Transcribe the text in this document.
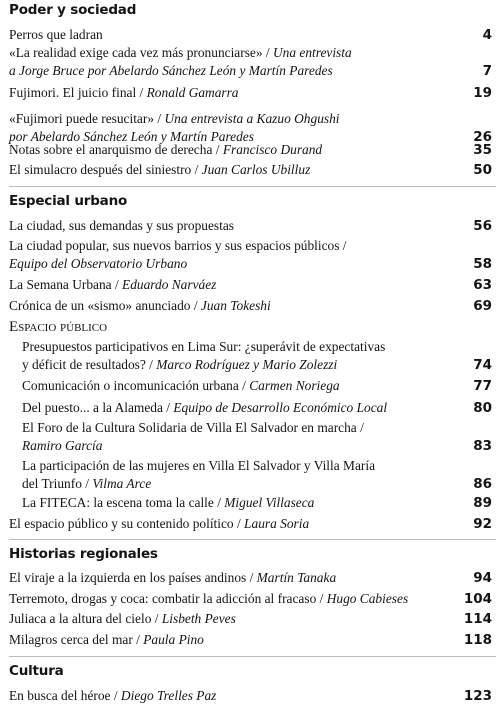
Poder y sociedad
Perros que ladran	4
«La realidad exige cada vez más pronunciarse» / Una entrevista
a Jorge Bruce por Abelardo Sánchez León y Martín Paredes	7
Fujimori. El juicio final / Ronald Gamarra	19
«Fujimori puede resucitar» / Una entrevista a Kazuo Ohgushi
por Abelardo Sánchez León y Martín Paredes	26
Notas sobre el anarquismo de derecha / Francisco Durand	35
El simulacro después del siniestro / Juan Carlos Ubilluz	50
Especial urbano
La ciudad, sus demandas y sus propuestas	56
La ciudad popular, sus nuevos barrios y sus espacios públicos /
Equipo del Observatorio Urbano	58
La Semana Urbana / Eduardo Narváez	63
Crónica de un «sismo» anunciado / Juan Tokeshi	69
Espacio público
Presupuestos participativos en Lima Sur: ¿superávit de expectativas
y déficit de resultados? / Marco Rodríguez y Mario Zolezzi	74
Comunicación o incomunicación urbana / Carmen Noriega	77
Del puesto... a la Alameda / Equipo de Desarrollo Económico Local	80
El Foro de la Cultura Solidaria de Villa El Salvador en marcha /
Ramiro García	83
La participación de las mujeres en Villa El Salvador y Villa María
del Triunfo / Vilma Arce	86
La FITECA: la escena toma la calle / Miguel Villaseca	89
El espacio público y su contenido político / Laura Soria	92
Historias regionales
El viraje a la izquierda en los países andinos / Martín Tanaka	94
Terremoto, drogas y coca: combatir la adicción al fracaso / Hugo Cabieses	104
Juliaca a la altura del cielo / Lisbeth Peves	114
Milagros cerca del mar / Paula Pino	118
Cultura
En busca del héroe / Diego Trelles Paz	123
